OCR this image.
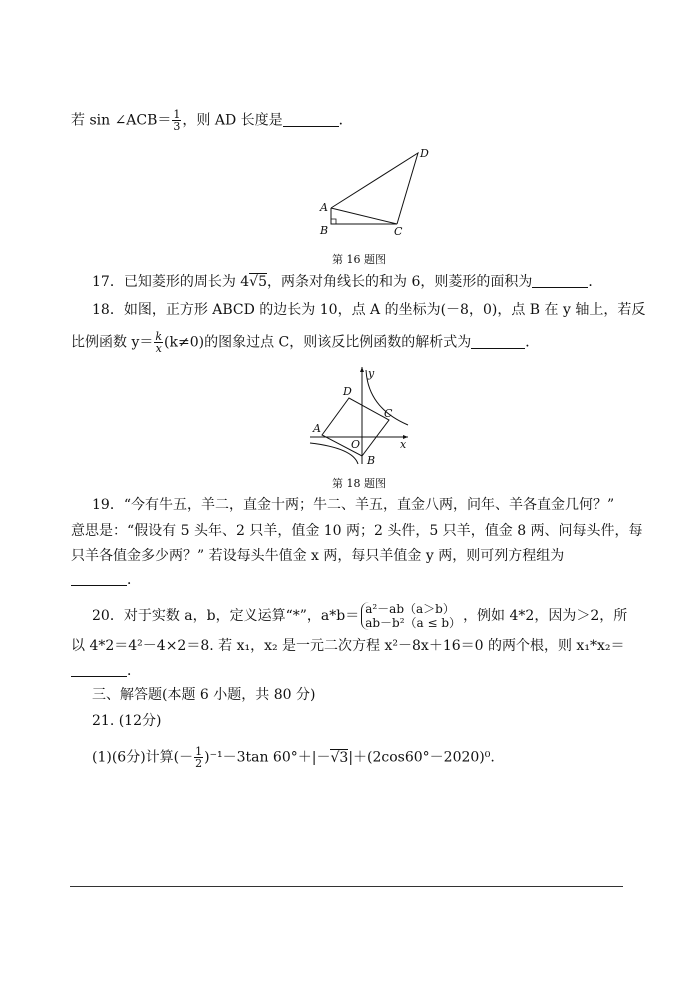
若 sin ∠ACB＝ $\frac{1}{3}$ ，则 AD 长度是	．
A
B	C
D
第 16 题图
17．已知菱形的周长为 4√5，两条对角线长的和为 6，则菱形的面积为	．
18．如图，正方形 ABCD 的边长为 10，点 A 的坐标为(－8，0)，点 B 在 y 轴上，若反
比例函数 $y= \frac{k}{x} (k\ne 0)$的图象过点 C，则该反比例函数的解析式为	．
y
x
D
C
A
O
B
第 18 题图
19．“今有牛五，羊二，直金十两；牛二、羊五，直金八两，问年、羊各直金几何？”
意思是：“假设有 5 头年、2 只羊，值金 10 两；2 头件，5 只羊，值金 8 两、问每头件，每
只羊各值金多少两？” 若设每头牛值金 x 两，每只羊值金 y 两，则可列方程组为
．
20．对于实数 a，b，定义运算“*”，a*b＝ a²－ab（a＞b）
ab－b²（a ≤ b） ，例如 4*2，因为＞2，所
以 4*2＝4²－4×2＝8. 若 x₁，x₂ 是一元二次方程 x²－8x＋16＝0 的两个根，则 x₁*x₂＝
．
三、解答题(本题 6 小题，共 80 分)
21. (12分)
(1)(6分)计算(－ $\frac{1}{2} )^{-1}-3\tan$ 60°＋|－√3|＋(2cos60°－2020)⁰.
